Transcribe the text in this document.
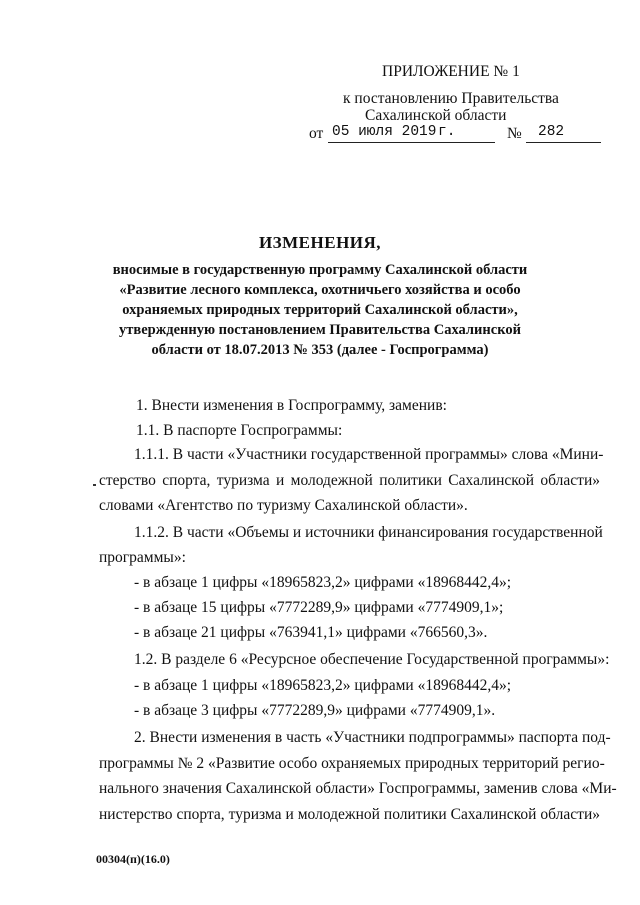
ПРИЛОЖЕНИЕ № 1
к постановлению Правительства
Сахалинской области
от 05 июля 2019 г.	№ 282
ИЗМЕНЕНИЯ,
вносимые в государственную программу Сахалинской области
«Развитие лесного комплекса, охотничьего хозяйства и особо
охраняемых природных территорий Сахалинской области»,
утвержденную постановлением Правительства Сахалинской
области от 18.07.2013 № 353 (далее - Госпрограмма)
1. Внести изменения в Госпрограмму, заменив:
1.1. В паспорте Госпрограммы:
1.1.1. В части «Участники государственной программы» слова «Мини-
стерство спорта, туризма и молодежной политики Сахалинской области»
словами «Агентство по туризму Сахалинской области».
1.1.2. В части «Объемы и источники финансирования государственной
программы»:
- в абзаце 1 цифры «18965823,2» цифрами «18968442,4»;
- в абзаце 15 цифры «7772289,9» цифрами «7774909,1»;
- в абзаце 21 цифры «763941,1» цифрами «766560,3».
1.2. В разделе 6 «Ресурсное обеспечение Государственной программы»:
- в абзаце 1 цифры «18965823,2» цифрами «18968442,4»;
- в абзаце 3 цифры «7772289,9» цифрами «7774909,1».
2. Внести изменения в часть «Участники подпрограммы» паспорта под-
программы № 2 «Развитие особо охраняемых природных территорий регио-
нального значения Сахалинской области» Госпрограммы, заменив слова «Ми-
нистерство спорта, туризма и молодежной политики Сахалинской области»
00304(п)(16.0)
